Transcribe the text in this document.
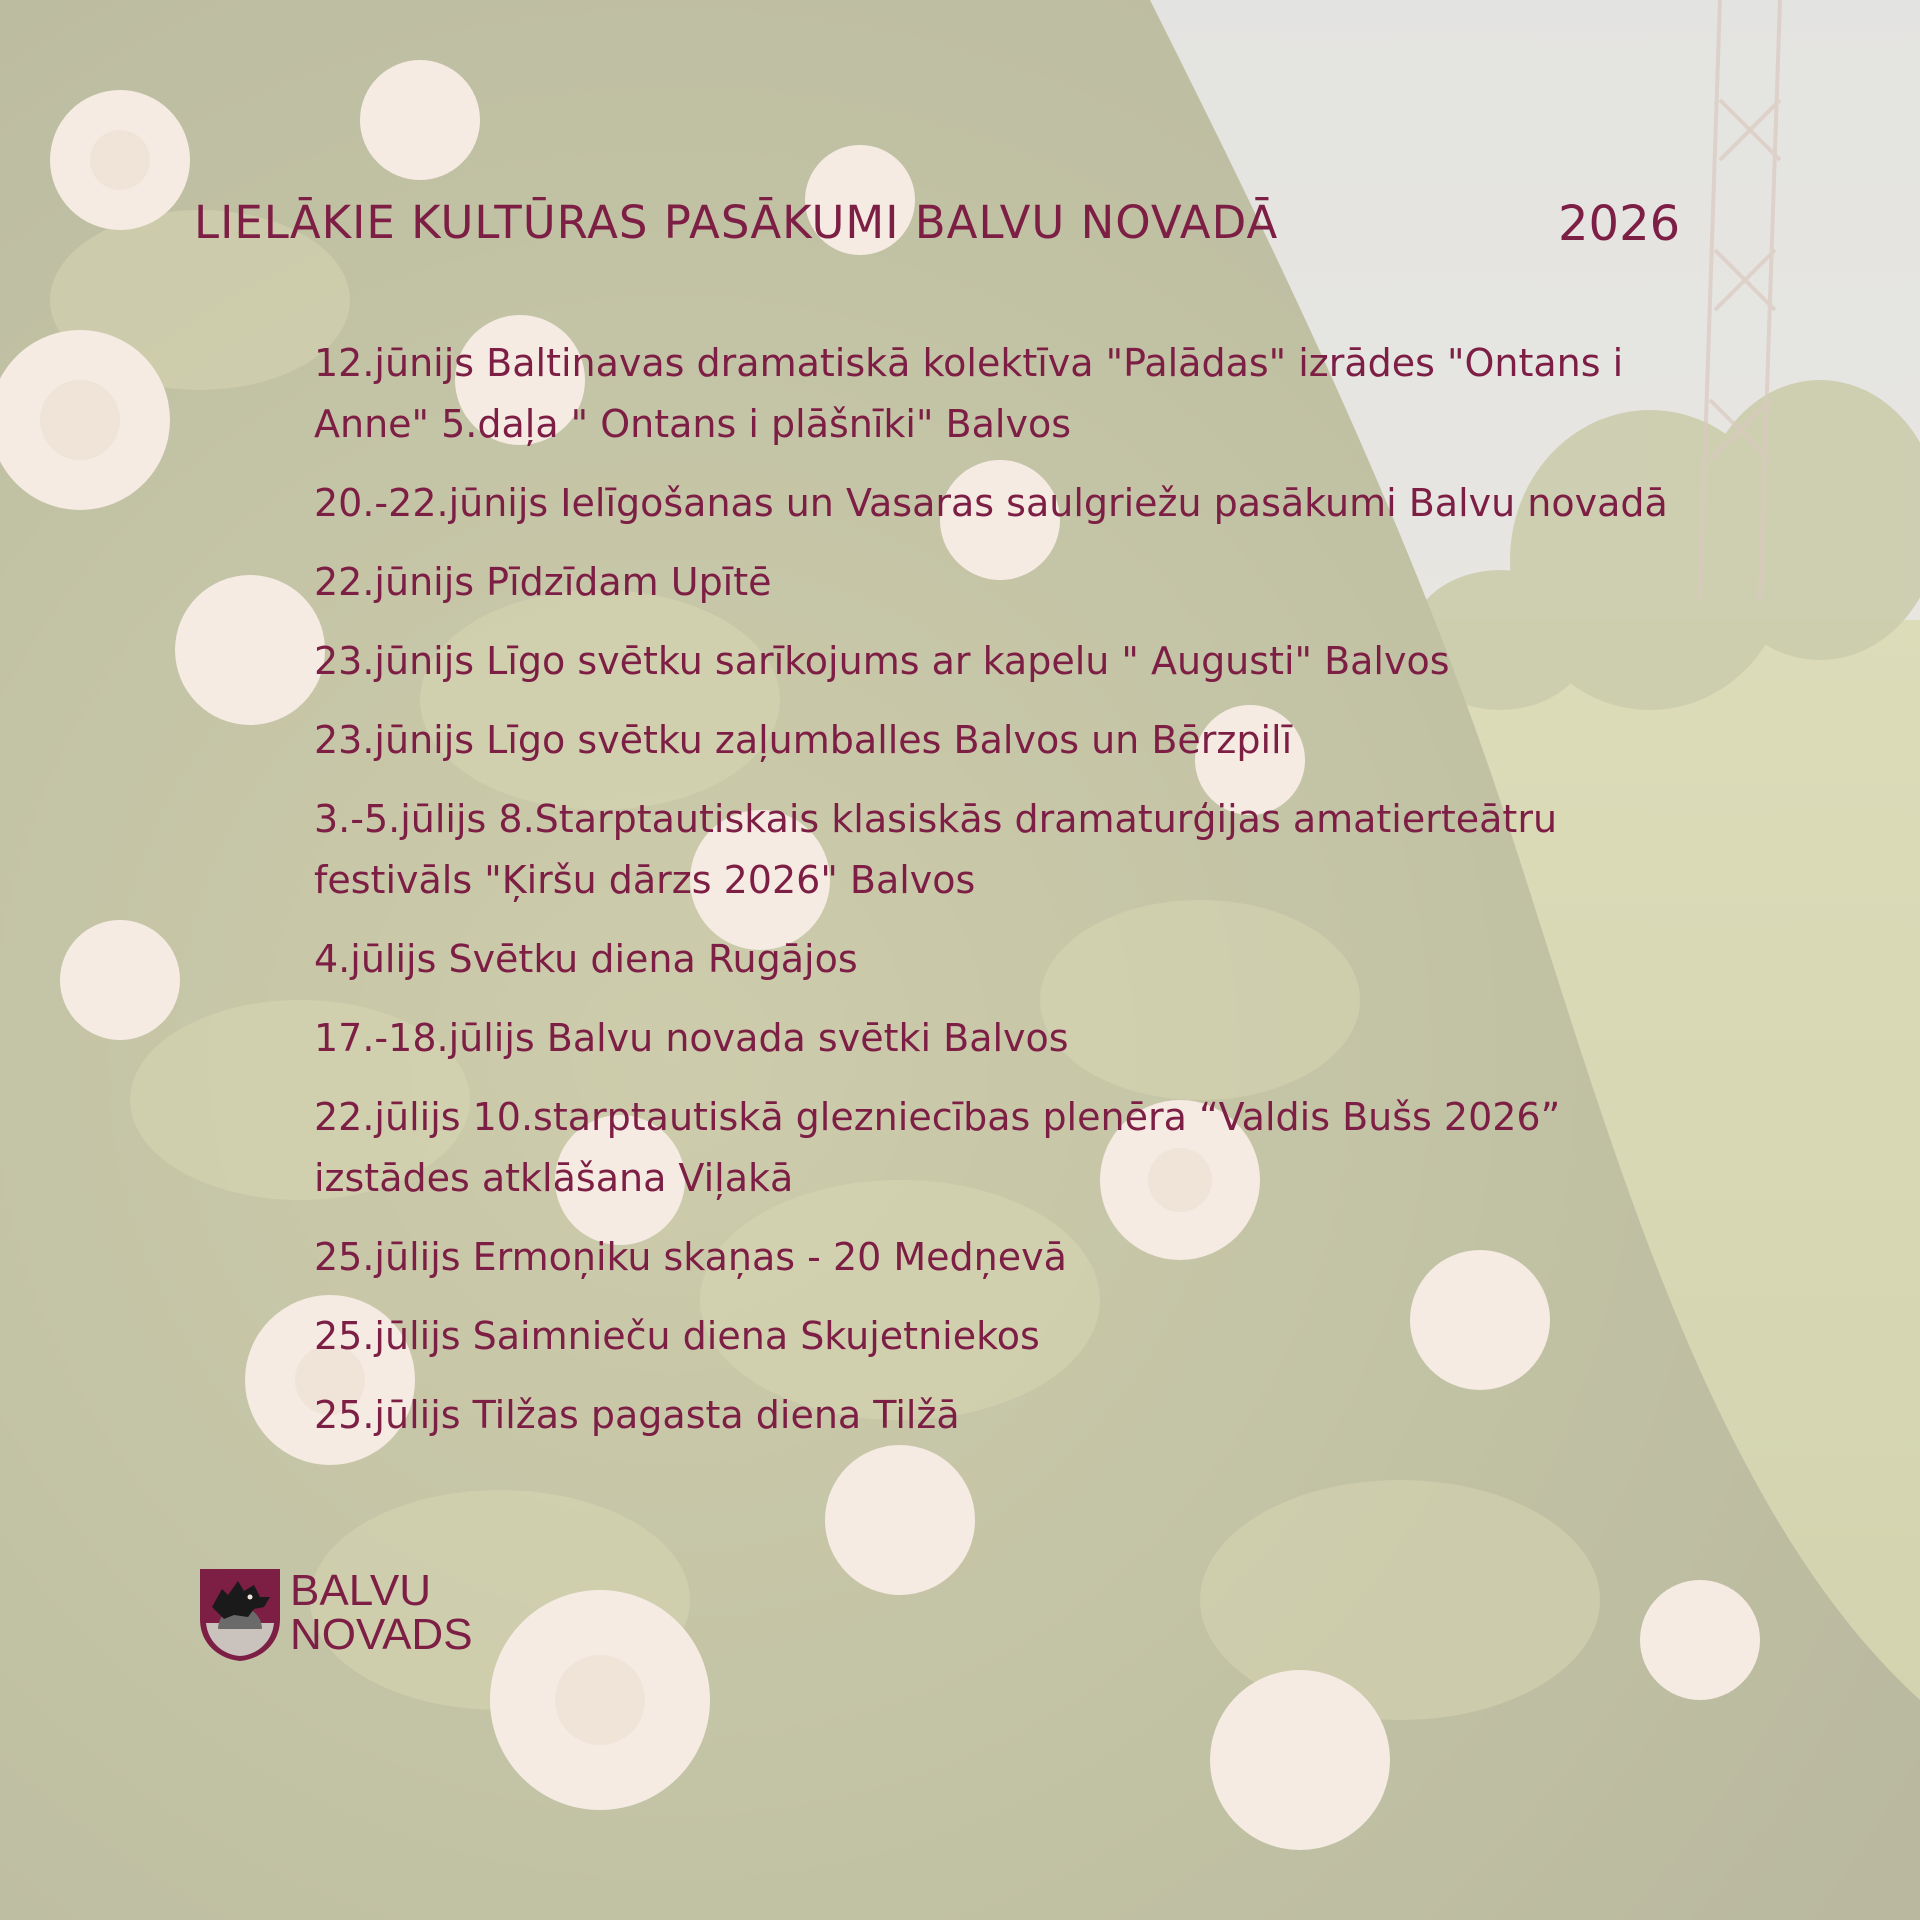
LIELĀKIE KULTŪRAS PASĀKUMI BALVU NOVADĀ	2026
12.jūnijs Baltinavas dramatiskā kolektīva "Palādas" izrādes "Ontans i Anne" 5.daļa " Ontans i plāšnīki" Balvos
20.-22.jūnijs Ielīgošanas un Vasaras saulgriežu pasākumi Balvu novadā
22.jūnijs Pīdzīdam Upītē
23.jūnijs Līgo svētku sarīkojums ar kapelu " Augusti" Balvos
23.jūnijs Līgo svētku zaļumballes Balvos un Bērzpilī
3.-5.jūlijs 8.Starptautiskais klasiskās dramaturģijas amatierteātru festivāls "Ķiršu dārzs 2026" Balvos
4.jūlijs Svētku diena Rugājos
17.-18.jūlijs Balvu novada svētki Balvos
22.jūlijs 10.starptautiskā glezniecības plenēra “Valdis Bušs 2026” izstādes atklāšana Viļakā
25.jūlijs Ermoņiku skaņas - 20 Medņevā
25.jūlijs Saimnieču diena Skujetniekos
25.jūlijs Tilžas pagasta diena Tilžā
BALVU
NOVADS
